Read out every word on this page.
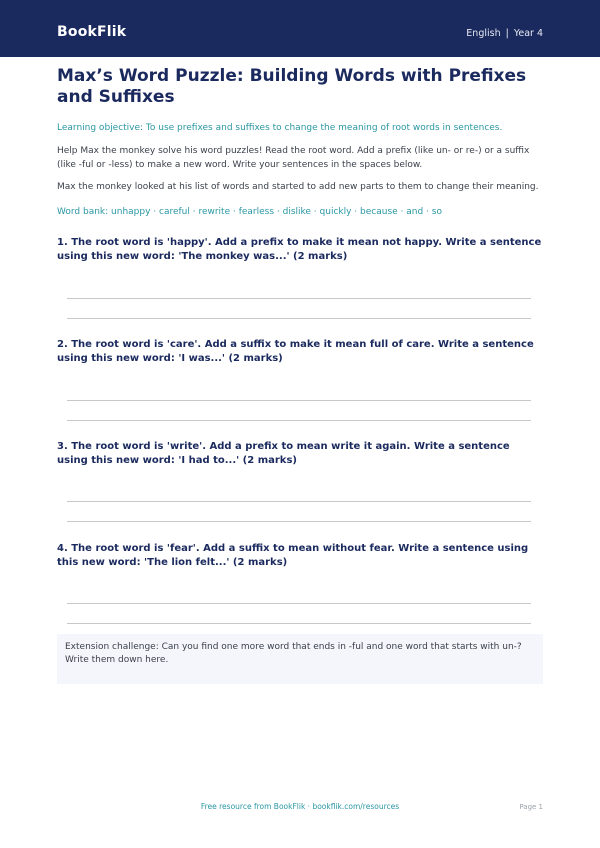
BookFlik	English | Year 4
Max’s Word Puzzle: Building Words with Prefixes and Suffixes

Learning objective: To use prefixes and suffixes to change the meaning of root words in sentences.

Help Max the monkey solve his word puzzles! Read the root word. Add a prefix (like un- or re-) or a suffix (like -ful or -less) to make a new word. Write your sentences in the spaces below.

Max the monkey looked at his list of words and started to add new parts to them to change their meaning.

Word bank: unhappy · careful · rewrite · fearless · dislike · quickly · because · and · so

1. The root word is 'happy'. Add a prefix to make it mean not happy. Write a sentence using this new word: 'The monkey was...' (2 marks)

2. The root word is 'care'. Add a suffix to make it mean full of care. Write a sentence using this new word: 'I was...' (2 marks)

3. The root word is 'write'. Add a prefix to mean write it again. Write a sentence using this new word: 'I had to...' (2 marks)

4. The root word is 'fear'. Add a suffix to mean without fear. Write a sentence using this new word: 'The lion felt...' (2 marks)

Extension challenge: Can you find one more word that ends in -ful and one word that starts with un-? Write them down here.
Free resource from BookFlik · bookflik.com/resources	Page 1
